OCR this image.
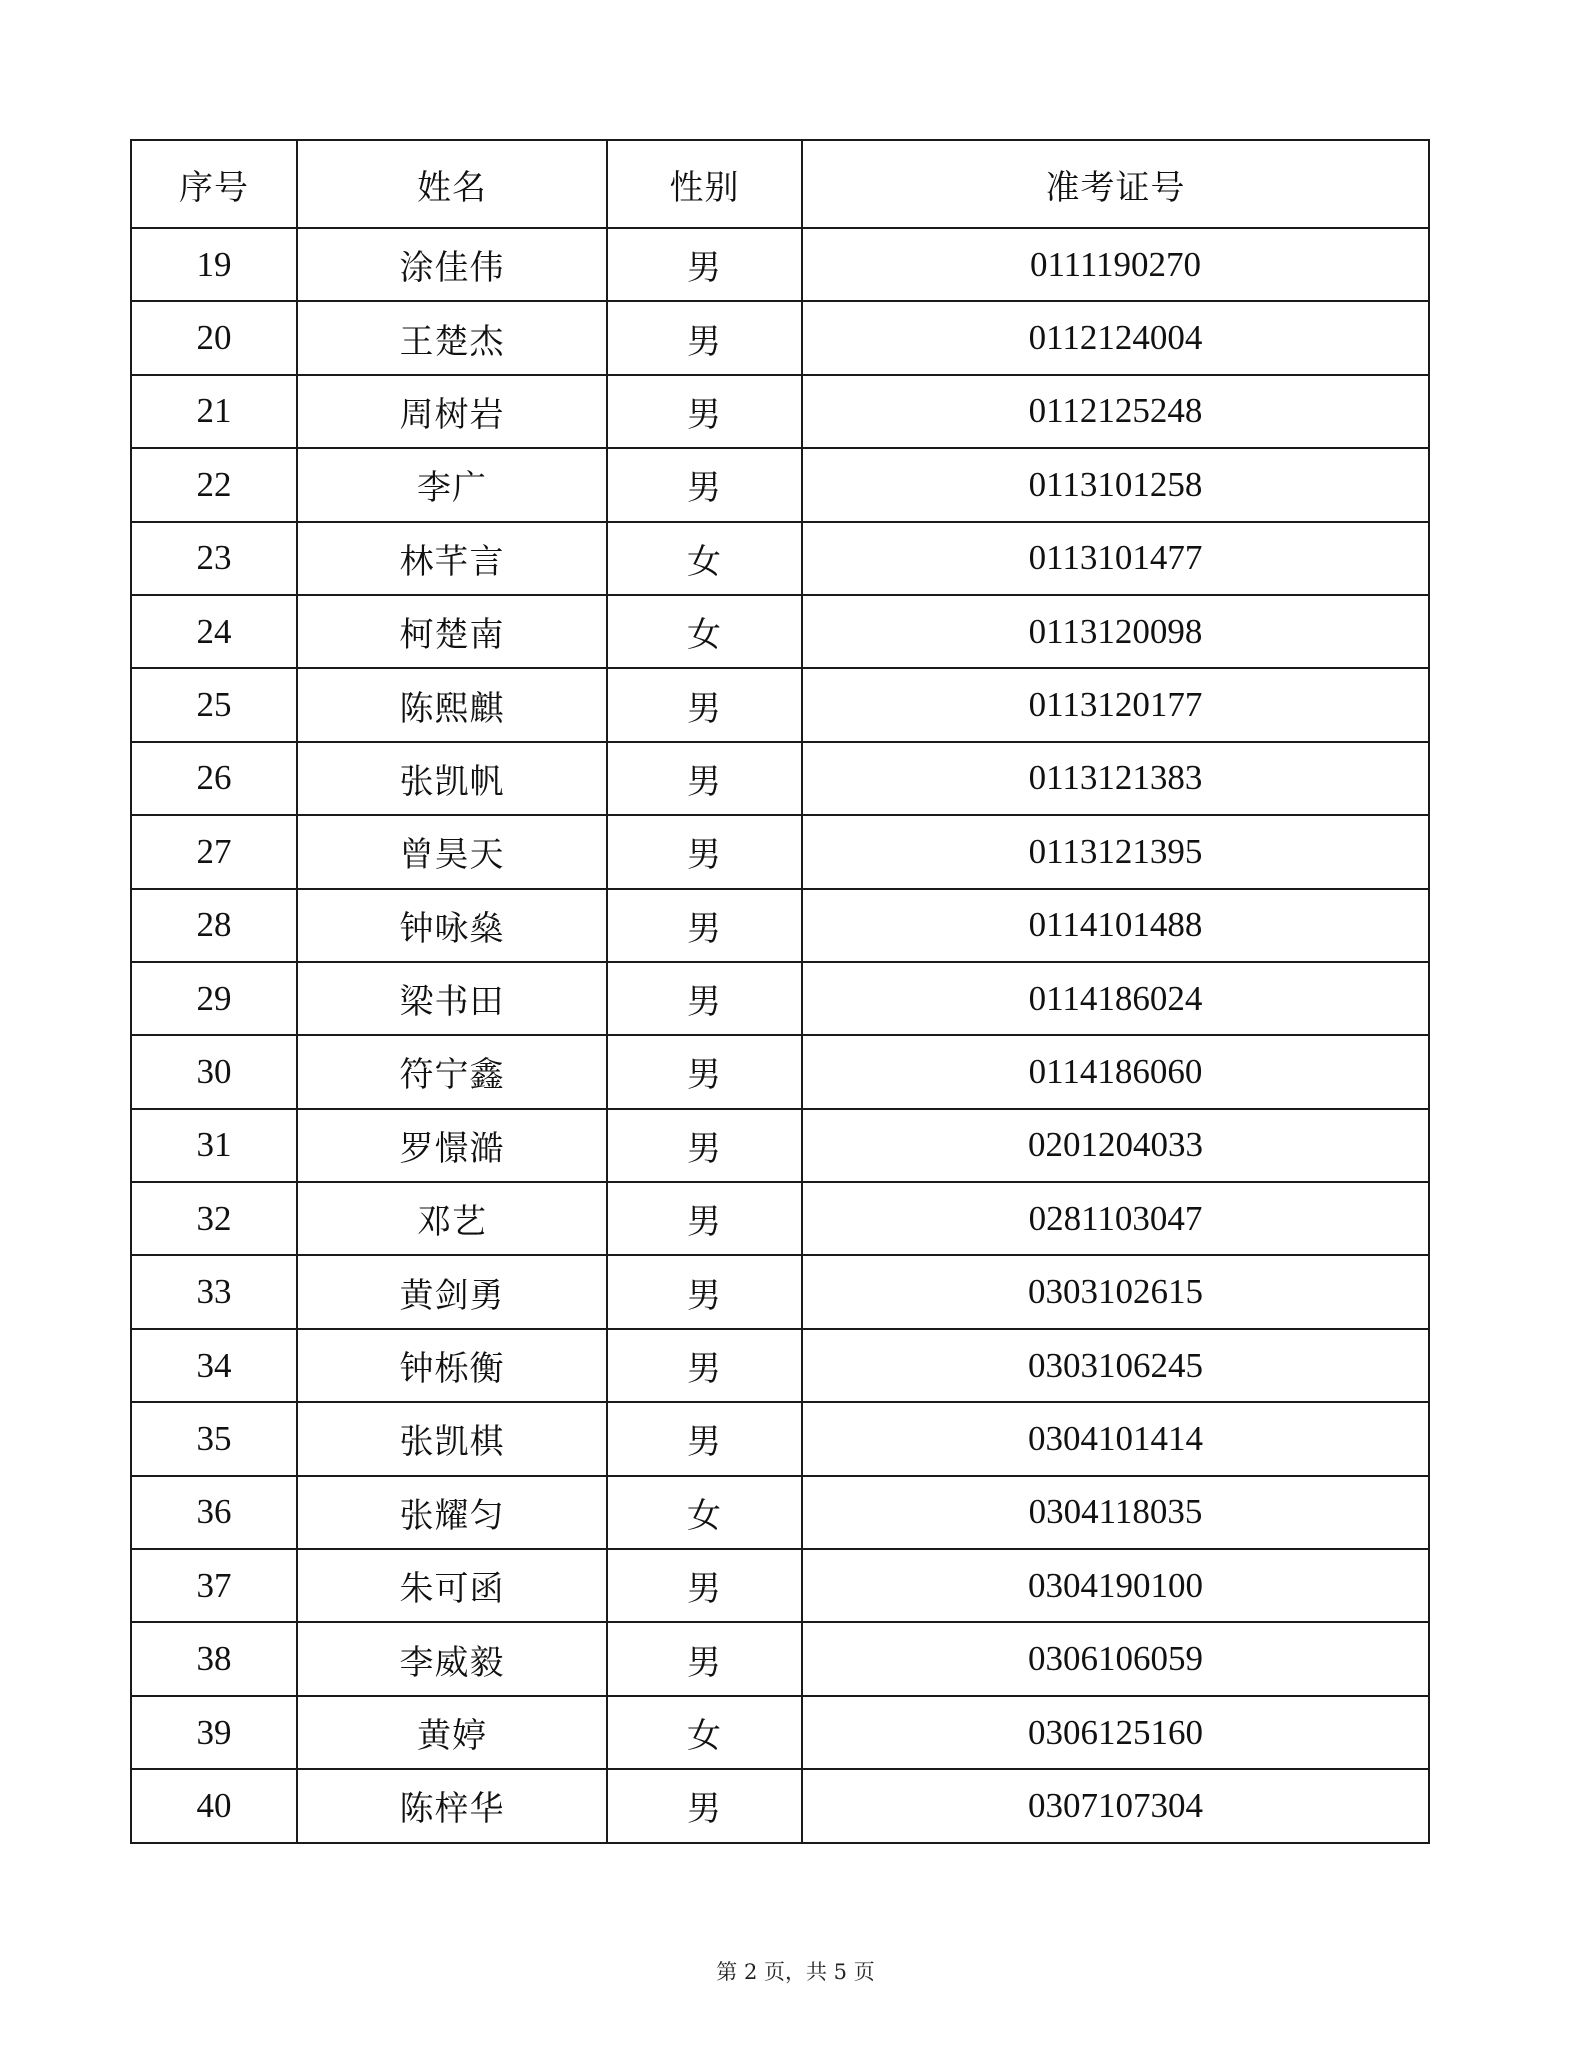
序号	姓名	性别	准考证号
19	涂佳伟	男	0111190270
20	王楚杰	男	0112124004
21	周树岩	男	0112125248
22	李广	男	0113101258
23	林芊言	女	0113101477
24	柯楚南	女	0113120098
25	陈熙麒	男	0113120177
26	张凯帆	男	0113121383
27	曾昊天	男	0113121395
28	钟咏燊	男	0114101488
29	梁书田	男	0114186024
30	符宁鑫	男	0114186060
31	罗憬澔	男	0201204033
32	邓艺	男	0281103047
33	黄剑勇	男	0303102615
34	钟栎衡	男	0303106245
35	张凯棋	男	0304101414
36	张耀匀	女	0304118035
37	朱可函	男	0304190100
38	李威毅	男	0306106059
39	黄婷	女	0306125160
40	陈梓华	男	0307107304
第 2 页，共 5 页
